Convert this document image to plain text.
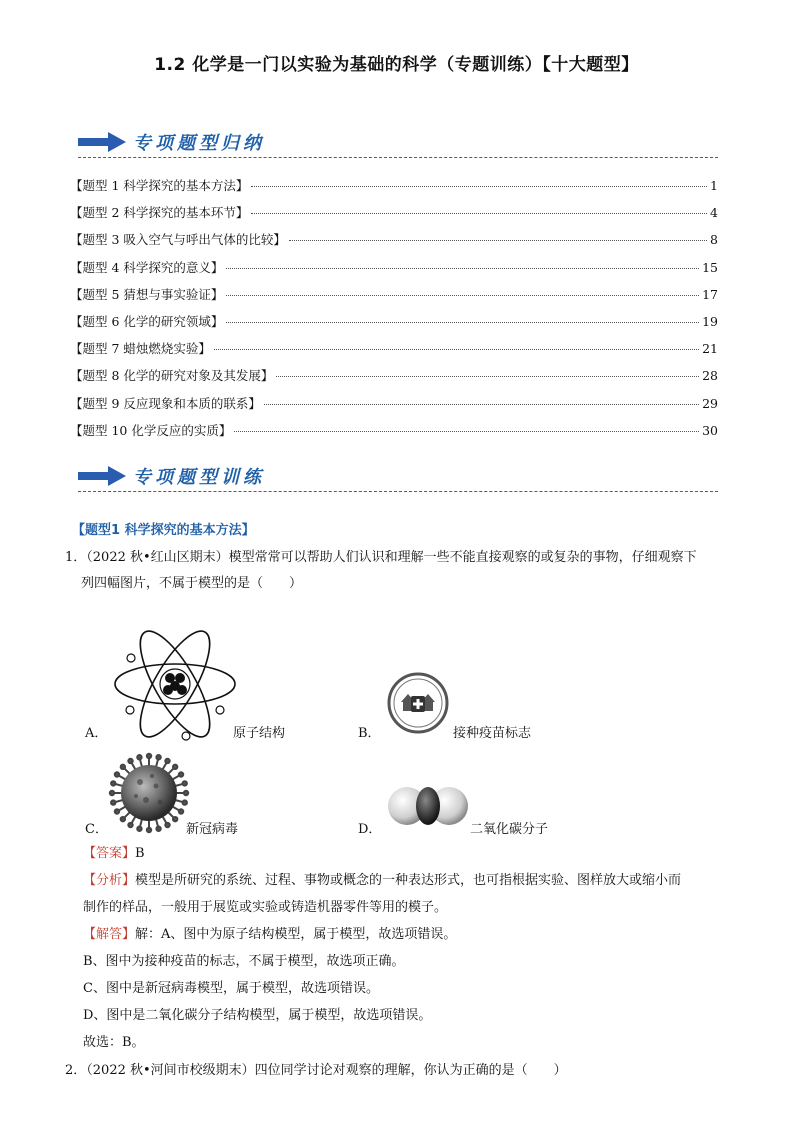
1.2 化学是一门以实验为基础的科学（专题训练）【十大题型】
专项题型归纳
【题型 1 科学探究的基本方法】	1
【题型 2 科学探究的基本环节】	4
【题型 3 吸入空气与呼出气体的比较】	8
【题型 4 科学探究的意义】	15
【题型 5 猜想与事实验证】	17
【题型 6 化学的研究领域】	19
【题型 7 蜡烛燃烧实验】	21
【题型 8 化学的研究对象及其发展】	28
【题型 9 反应现象和本质的联系】	29
【题型 10 化学反应的实质】	30
专项题型训练
【题型1 科学探究的基本方法】
1．（2022 秋•红山区期末）模型常常可以帮助人们认识和理解一些不能直接观察的或复杂的事物，仔细观察下
列四幅图片，不属于模型的是（　　）
A．	原子结构	B．	接种疫苗标志
C．	新冠病毒	D．	二氧化碳分子
【答案】B
【分析】模型是所研究的系统、过程、事物或概念的一种表达形式，也可指根据实验、图样放大或缩小而
制作的样品，一般用于展览或实验或铸造机器零件等用的模子。
【解答】解：A、图中为原子结构模型，属于模型，故选项错误。
B、图中为接种疫苗的标志，不属于模型，故选项正确。
C、图中是新冠病毒模型，属于模型，故选项错误。
D、图中是二氧化碳分子结构模型，属于模型，故选项错误。
故选：B。
2．（2022 秋•河间市校级期末）四位同学讨论对观察的理解，你认为正确的是（　　）
